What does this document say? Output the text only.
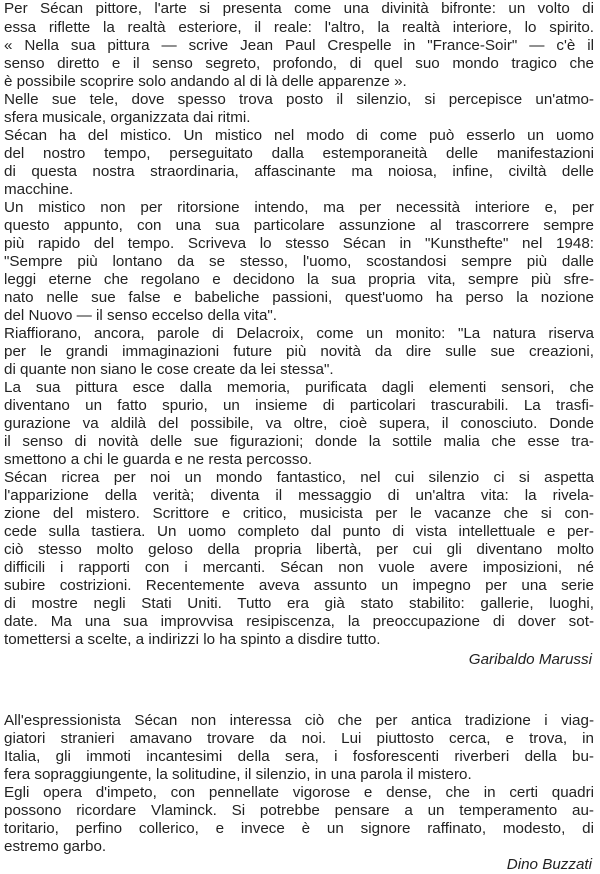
Per Sécan pittore, l'arte si presenta come una divinità bifronte: un volto di
essa riflette la realtà esteriore, il reale: l'altro, la realtà interiore, lo spirito.
« Nella sua pittura — scrive Jean Paul Crespelle in "France-Soir" — c'è il
senso diretto e il senso segreto, profondo, di quel suo mondo tragico che
è possibile scoprire solo andando al di là delle apparenze ».
Nelle sue tele, dove spesso trova posto il silenzio, si percepisce un'atmo-
sfera musicale, organizzata dai ritmi.
Sécan ha del mistico. Un mistico nel modo di come può esserlo un uomo
del nostro tempo, perseguitato dalla estemporaneità delle manifestazioni
di questa nostra straordinaria, affascinante ma noiosa, infine, civiltà delle
macchine.
Un mistico non per ritorsione intendo, ma per necessità interiore e, per
questo appunto, con una sua particolare assunzione al trascorrere sempre
più rapido del tempo. Scriveva lo stesso Sécan in "Kunsthefte" nel 1948:
"Sempre più lontano da se stesso, l'uomo, scostandosi sempre più dalle
leggi eterne che regolano e decidono la sua propria vita, sempre più sfre-
nato nelle sue false e babeliche passioni, quest'uomo ha perso la nozione
del Nuovo — il senso eccelso della vita".
Riaffiorano, ancora, parole di Delacroix, come un monito: "La natura riserva
per le grandi immaginazioni future più novità da dire sulle sue creazioni,
di quante non siano le cose create da lei stessa".
La sua pittura esce dalla memoria, purificata dagli elementi sensori, che
diventano un fatto spurio, un insieme di particolari trascurabili. La trasfi-
gurazione va aldilà del possibile, va oltre, cioè supera, il conosciuto. Donde
il senso di novità delle sue figurazioni; donde la sottile malia che esse tra-
smettono a chi le guarda e ne resta percosso.
Sécan ricrea per noi un mondo fantastico, nel cui silenzio ci si aspetta
l'apparizione della verità; diventa il messaggio di un'altra vita: la rivela-
zione del mistero. Scrittore e critico, musicista per le vacanze che si con-
cede sulla tastiera. Un uomo completo dal punto di vista intellettuale e per-
ciò stesso molto geloso della propria libertà, per cui gli diventano molto
difficili i rapporti con i mercanti. Sécan non vuole avere imposizioni, né
subire costrizioni. Recentemente aveva assunto un impegno per una serie
di mostre negli Stati Uniti. Tutto era già stato stabilito: gallerie, luoghi,
date. Ma una sua improvvisa resipiscenza, la preoccupazione di dover sot-
tomettersi a scelte, a indirizzi lo ha spinto a disdire tutto.
Garibaldo Marussi
All'espressionista Sécan non interessa ciò che per antica tradizione i viag-
giatori stranieri amavano trovare da noi. Lui piuttosto cerca, e trova, in
Italia, gli immoti incantesimi della sera, i fosforescenti riverberi della bu-
fera sopraggiungente, la solitudine, il silenzio, in una parola il mistero.
Egli opera d'impeto, con pennellate vigorose e dense, che in certi quadri
possono ricordare Vlaminck. Si potrebbe pensare a un temperamento au-
toritario, perfino collerico, e invece è un signore raffinato, modesto, di
estremo garbo.
Dino Buzzati
